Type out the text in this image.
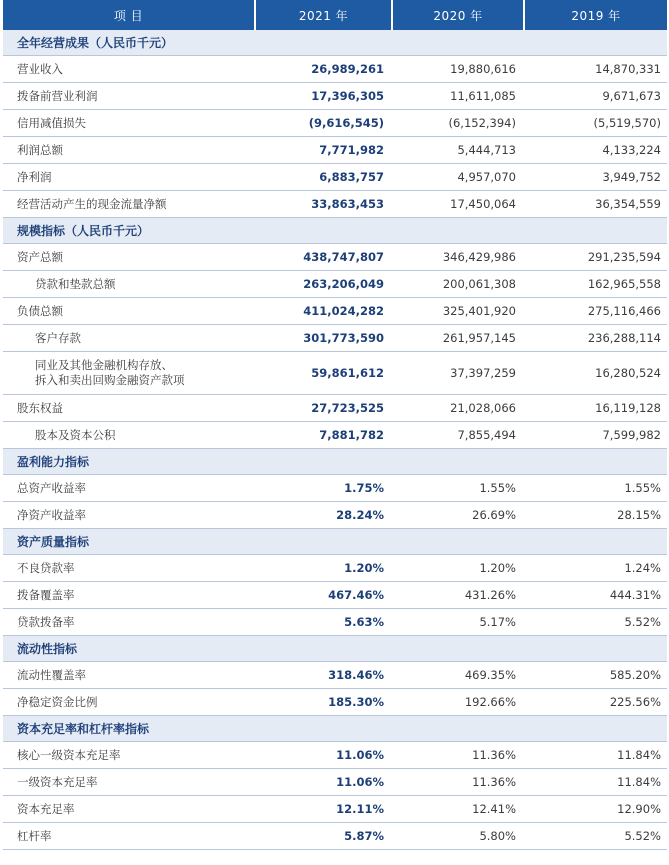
项 目	2021 年	2020 年	2019 年
全年经营成果（人民币千元）			
营业收入	26,989,261	19,880,616	14,870,331
拨备前营业利润	17,396,305	11,611,085	9,671,673
信用减值损失	(9,616,545)	(6,152,394)	(5,519,570)
利润总额	7,771,982	5,444,713	4,133,224
净利润	6,883,757	4,957,070	3,949,752
经营活动产生的现金流量净额	33,863,453	17,450,064	36,354,559
规模指标（人民币千元）			
资产总额	438,747,807	346,429,986	291,235,594
贷款和垫款总额	263,206,049	200,061,308	162,965,558
负债总额	411,024,282	325,401,920	275,116,466
客户存款	301,773,590	261,957,145	236,288,114

同业及其他金融机构存放、
拆入和卖出回购金融资产款项	59,861,612	37,397,259	16,280,524
股东权益	27,723,525	21,028,066	16,119,128
股本及资本公积	7,881,782	7,855,494	7,599,982
盈利能力指标			
总资产收益率	1.75%	1.55%	1.55%
净资产收益率	28.24%	26.69%	28.15%
资产质量指标			
不良贷款率	1.20%	1.20%	1.24%
拨备覆盖率	467.46%	431.26%	444.31%
贷款拨备率	5.63%	5.17%	5.52%
流动性指标			
流动性覆盖率	318.46%	469.35%	585.20%
净稳定资金比例	185.30%	192.66%	225.56%
资本充足率和杠杆率指标			
核心一级资本充足率	11.06%	11.36%	11.84%
一级资本充足率	11.06%	11.36%	11.84%
资本充足率	12.11%	12.41%	12.90%
杠杆率	5.87%	5.80%	5.52%
